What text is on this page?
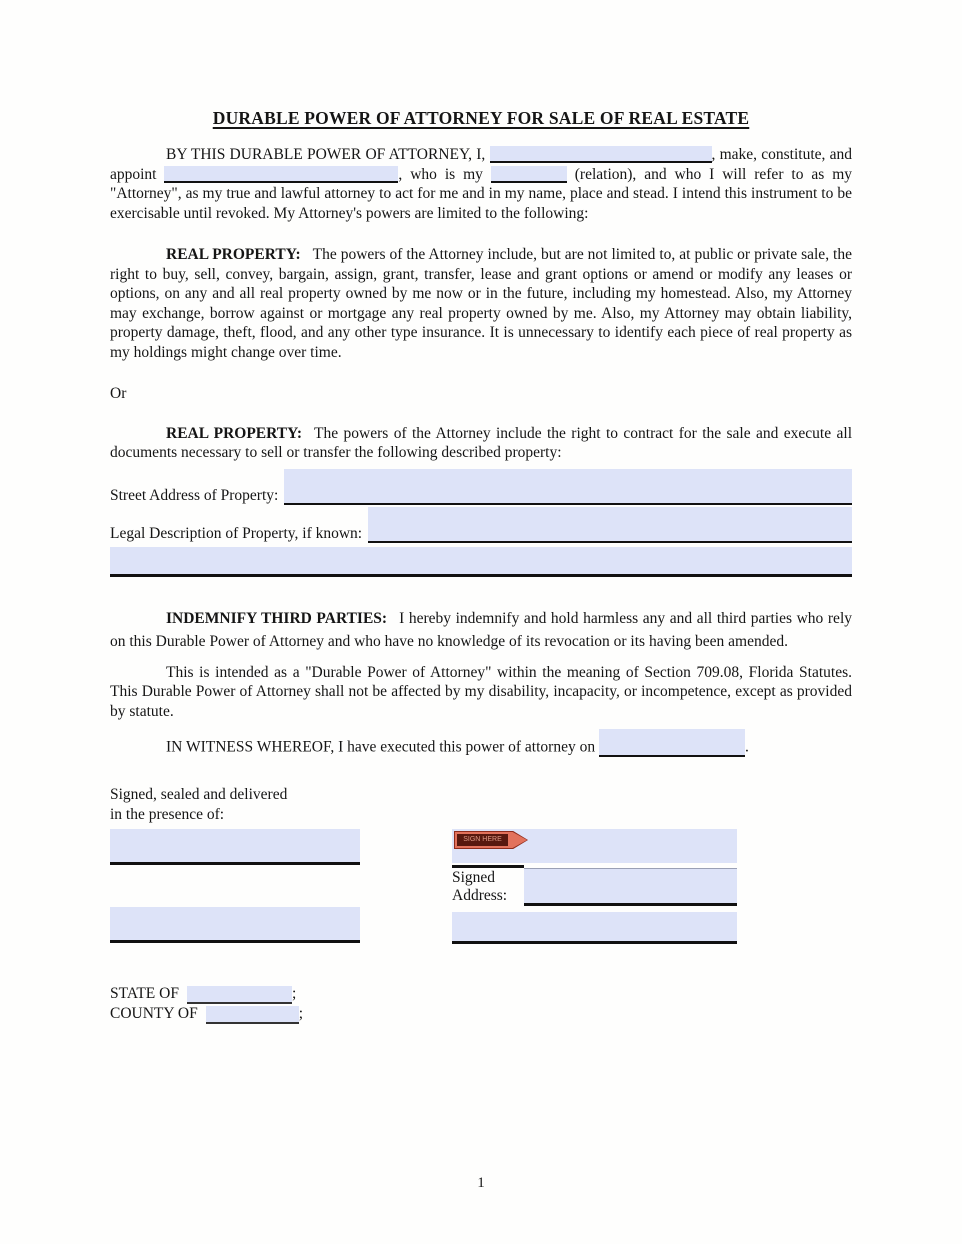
DURABLE POWER OF ATTORNEY FOR SALE OF REAL ESTATE

BY THIS DURABLE POWER OF ATTORNEY, I,	, make, constitute, and appoint	, who is my	(relation), and who I will refer to as my "Attorney", as my true and lawful attorney to act for me and in my name, place and stead. I intend this instrument to be exercisable until revoked. My Attorney's powers are limited to the following:

REAL PROPERTY: The powers of the Attorney include, but are not limited to, at public or private sale, the right to buy, sell, convey, bargain, assign, grant, transfer, lease and grant options or amend or modify any leases or options, on any and all real property owned by me now or in the future, including my homestead. Also, my Attorney may exchange, borrow against or mortgage any real property owned by me. Also, my Attorney may obtain liability, property damage, theft, flood, and any other type insurance. It is unnecessary to identify each piece of real property as my holdings might change over time.

Or

REAL PROPERTY: The powers of the Attorney include the right to contract for the sale and execute all documents necessary to sell or transfer the following described property:

Street Address of Property:
Legal Description of Property, if known:

INDEMNIFY THIRD PARTIES: I hereby indemnify and hold harmless any and all third parties who rely on this Durable Power of Attorney and who have no knowledge of its revocation or its having been amended.

This is intended as a "Durable Power of Attorney" within the meaning of Section 709.08, Florida Statutes. This Durable Power of Attorney shall not be affected by my disability, incapacity, or incompetence, except as provided by statute.

IN WITNESS WHEREOF, I have executed this power of attorney on	.

Signed, sealed and delivered
in the presence of:
SIGN HERE
Signed
Address:
STATE OF	;
COUNTY OF	;
1
